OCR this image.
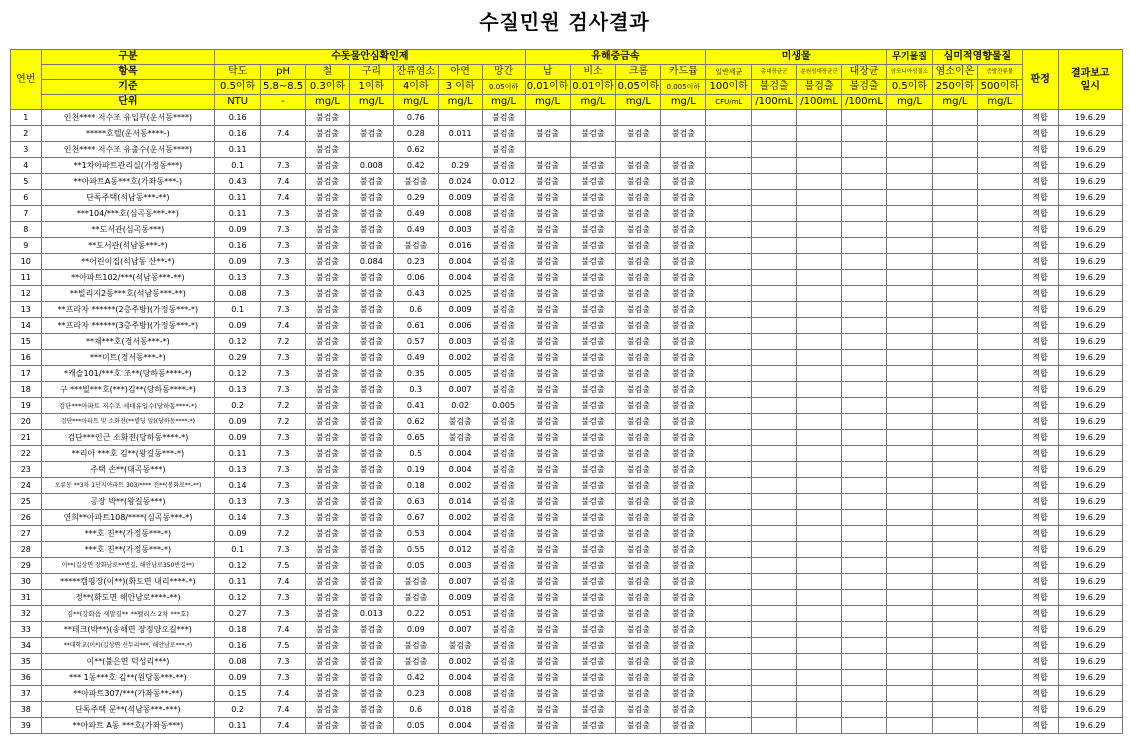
수질민원 검사결과
연번	구분	수돗물안심확인제							유해중금속				미생물				무기물질	심미적영향물질		판정	결과보고
일시
	항목	탁도	pH	철	구리	잔류염소	아연	망간	납	비소	크롬	카드뮴	일반세균	총대장균군	분원성대장균군	대장균	암모니아성질소	염소이온	증발잔류물		
	기준	0.5이하	5.8~8.5	0.3이하	1이하	4이하	3 이하	0.05이하	0.01이하	0.01이하	0.05이하	0.005이하	100이하	불검출	불검출	불검출	0.5이하	250이하	500이하		
	단위	NTU	-	mg/L	mg/L	mg/L	mg/L	mg/L	mg/L	mg/L	mg/L	mg/L	CFU/mL	/100mL	/100mL	/100mL	mg/L	mg/L	mg/L		
1	인천**** 저수조 유입부(운서동****)	0.16		불검출		0.76		불검출												적합	19.6.29
2	*****호텔(운서동****-)	0.16	7.4	불검출	불검출	0.28	0.011	불검출	불검출	불검출	불검출	불검출								적합	19.6.29
3	인천**** 저수조 유출수(운서동****)	0.11		불검출		0.62		불검출												적합	19.6.29
4	**1차아파트관리실(가정동***)	0.1	7.3	불검출	0.008	0.42	0.29	불검출	불검출	불검출	불검출	불검출								적합	19.6.29
5	**아파트A동***호(가좌동***-)	0.43	7.4	불검출	불검출	불검출	0.024	0.012	불검출	불검출	불검출	불검출								적합	19.6.29
6	단독주택(석남동***-**)	0.11	7.4	불검출	불검출	0.29	0.009	불검출	불검출	불검출	불검출	불검출								적합	19.6.29
7	***104/***호(심곡동***-**)	0.11	7.3	불검출	불검출	0.49	0.008	불검출	불검출	불검출	불검출	불검출								적합	19.6.29
8	**도서관(심곡동***)	0.09	7.3	불검출	불검출	0.49	0.003	불검출	불검출	불검출	불검출	불검출								적합	19.6.29
9	**도서관(석남동***-*)	0.16	7.3	불검출	불검출	불검출	0.016	불검출	불검출	불검출	불검출	불검출								적합	19.6.29
10	**어린이집(석남동 산**-*)	0.09	7.3	불검출	0.084	0.23	0.004	불검출	불검출	불검출	불검출	불검출								적합	19.6.29
11	**아파트102/***(석남동***-**)	0.13	7.3	불검출	불검출	0.06	0.004	불검출	불검출	불검출	불검출	불검출								적합	19.6.29
12	**빌리지2동***호(석남동***-**)	0.08	7.3	불검출	불검출	0.43	0.025	불검출	불검출	불검출	불검출	불검출								적합	19.6.29
13	**프라자 ******(2층주방)(가정동***-*)	0.1	7.3	불검출	불검출	0.6	0.009	불검출	불검출	불검출	불검출	불검출								적합	19.6.29
14	**프라자 ******(3층주방)(가정동***-*)	0.09	7.4	불검출	불검출	0.61	0.006	불검출	불검출	불검출	불검출	불검출								적합	19.6.29
15	**채***호(경서동***-*)	0.12	7.2	불검출	불검출	0.57	0.003	불검출	불검출	불검출	불검출	불검출								적합	19.6.29
16	***미트(경서동***-*)	0.29	7.3	불검출	불검출	0.49	0.002	불검출	불검출	불검출	불검출	불검출								적합	19.6.29
17	*캐슬101/***호 조**(당하동****-*)	0.12	7.3	불검출	불검출	0.35	0.005	불검출	불검출	불검출	불검출	불검출								적합	19.6.29
18	구 ***빌***호(***)김**(당하동****-*)	0.13	7.3	불검출	불검출	0.3	0.007	불검출	불검출	불검출	불검출	불검출								적합	19.6.29
19	검단***아파트 저수조 세대유입수(당하동****-*)	0.2	7.2	불검출	불검출	0.41	0.02	0.005	불검출	불검출	불검출	불검출								적합	19.6.29
20	검단***아파트 및 소화전(**빌딩 앞)(당하동****-*)	0.09	7.2	불검출	불검출	0.62	불검출	불검출	불검출	불검출	불검출	불검출								적합	19.6.29
21	검단***인근 소화전(당하동****-*)	0.09	7.3	불검출	불검출	0.65	불검출	불검출	불검출	불검출	불검출	불검출								적합	19.6.29
22	**리아 ***호 김**(왕길동***-*)	0.11	7.3	불검출	불검출	0.5	0.004	불검출	불검출	불검출	불검출	불검출								적합	19.6.29
23	주택 손**(대곡동***)	0.13	7.3	불검출	불검출	0.19	0.004	불검출	불검출	불검출	불검출	불검출								적합	19.6.29
24	오류동 **3차 1단지아파트 303/**** 전**(봉화로**-**)	0.14	7.3	불검출	불검출	0.18	0.002	불검출	불검출	불검출	불검출	불검출								적합	19.6.29
25	공장 박**(왕길동***)	0.13	7.3	불검출	불검출	0.63	0.014	불검출	불검출	불검출	불검출	불검출								적합	19.6.29
26	연희**아파트108/****(심곡동***-*)	0.14	7.3	불검출	불검출	0.67	0.002	불검출	불검출	불검출	불검출	불검출								적합	19.6.29
27	***호 진**(가정동***-*)	0.09	7.2	불검출	불검출	0.53	0.004	불검출	불검출	불검출	불검출	불검출								적합	19.6.29
28	***호 진**(가정동***-*)	0.1	7.3	불검출	불검출	0.55	0.012	불검출	불검출	불검출	불검출	불검출								적합	19.6.29
29	이**(길상면 장화남로**번길, 해안남로350번길**)	0.12	7.5	불검출	불검출	0.05	0.003	불검출	불검출	불검출	불검출	불검출								적합	19.6.29
30	*****캠핑장(이**)(화도면 내리****-*)	0.11	7.4	불검출	불검출	불검출	0.007	불검출	불검출	불검출	불검출	불검출								적합	19.6.29
31	정**(화도면 해안남로****-**)	0.12	7.3	불검출	불검출	불검출	0.009	불검출	불검출	불검출	불검출	불검출								적합	19.6.29
32	김**(강화읍 새말길** **펠리스 2차 ***호)	0.27	7.3	불검출	0.013	0.22	0.051	불검출	불검출	불검출	불검출	불검출								적합	19.6.29
33	**테크(박**)(송해면 장정양오길***)	0.18	7.4	불검출	불검출	0.09	0.007	불검출	불검출	불검출	불검출	불검출								적합	19.6.29
34	**대학교(이*)(길상면 선두리***, 해안남로***-*)	0.16	7.5	불검출	불검출	불검출	불검출	불검출	불검출	불검출	불검출	불검출								적합	19.6.29
35	이**(불은면 덕성리***)	0.08	7.3	불검출	불검출	불검출	0.002	불검출	불검출	불검출	불검출	불검출								적합	19.6.29
36	*** 1동***호 김**(원당동***-**)	0.09	7.3	불검출	불검출	0.42	0.004	불검출	불검출	불검출	불검출	불검출								적합	19.6.29
37	**아파트307/***(가좌동**-**)	0.15	7.4	불검출	불검출	0.23	0.008	불검출	불검출	불검출	불검출	불검출								적합	19.6.29
38	단독주택 문**(석남동***-***)	0.2	7.4	불검출	불검출	0.6	0.018	불검출	불검출	불검출	불검출	불검출								적합	19.6.29
39	**아파트 A동 ***호(가좌동***)	0.11	7.4	불검출	불검출	0.05	0.004	불검출	불검출	불검출	불검출	불검출								적합	19.6.29
